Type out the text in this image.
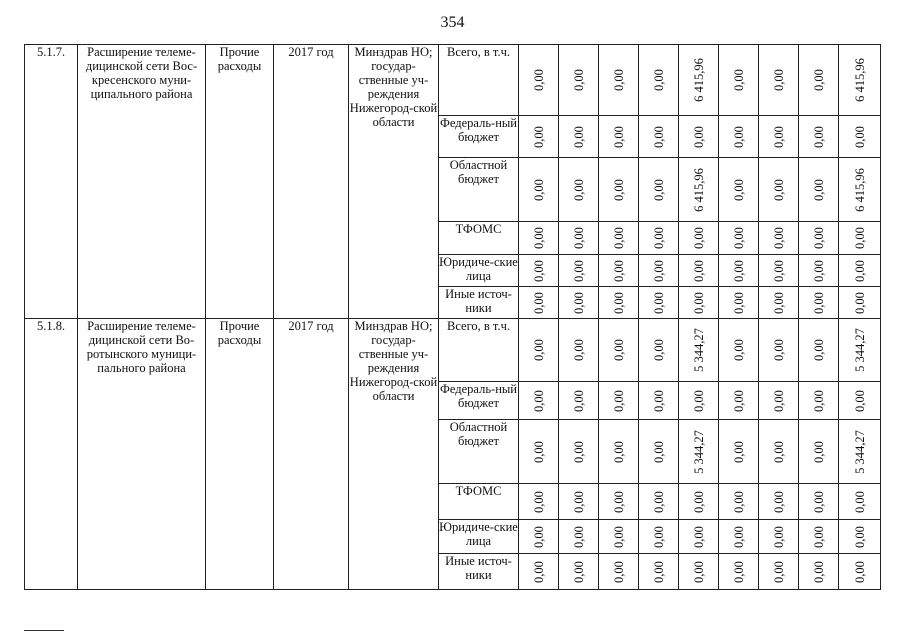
354
5.1.7.	Расширение телеме-дицинской сети Вос-кресенского муни-ципального района	Прочие расходы	2017 год	Минздрав НО; государ-ственные уч-реждения Нижегород-ской области	Всего, в т.ч.	0,00	0,00	0,00	0,00	6 415,96	0,00	0,00	0,00	6 415,96

					Федераль-ный бюджет	0,00	0,00	0,00	0,00	0,00	0,00	0,00	0,00	0,00

					Областной бюджет	0,00	0,00	0,00	0,00	6 415,96	0,00	0,00	0,00	6 415,96

					ТФОМС	0,00	0,00	0,00	0,00	0,00	0,00	0,00	0,00	0,00

					Юридиче-ские лица	0,00	0,00	0,00	0,00	0,00	0,00	0,00	0,00	0,00

					Иные источ-ники	0,00	0,00	0,00	0,00	0,00	0,00	0,00	0,00	0,00

5.1.8.	Расширение телеме-дицинской сети Во-ротынского муници-пального района	Прочие расходы	2017 год	Минздрав НО; государ-ственные уч-реждения Нижегород-ской области	Всего, в т.ч.	0,00	0,00	0,00	0,00	5 344,27	0,00	0,00	0,00	5 344,27

					Федераль-ный бюджет	0,00	0,00	0,00	0,00	0,00	0,00	0,00	0,00	0,00

					Областной бюджет	0,00	0,00	0,00	0,00	5 344,27	0,00	0,00	0,00	5 344,27

					ТФОМС	0,00	0,00	0,00	0,00	0,00	0,00	0,00	0,00	0,00

					Юридиче-ские лица	0,00	0,00	0,00	0,00	0,00	0,00	0,00	0,00	0,00

					Иные источ-ники	0,00	0,00	0,00	0,00	0,00	0,00	0,00	0,00	0,00
